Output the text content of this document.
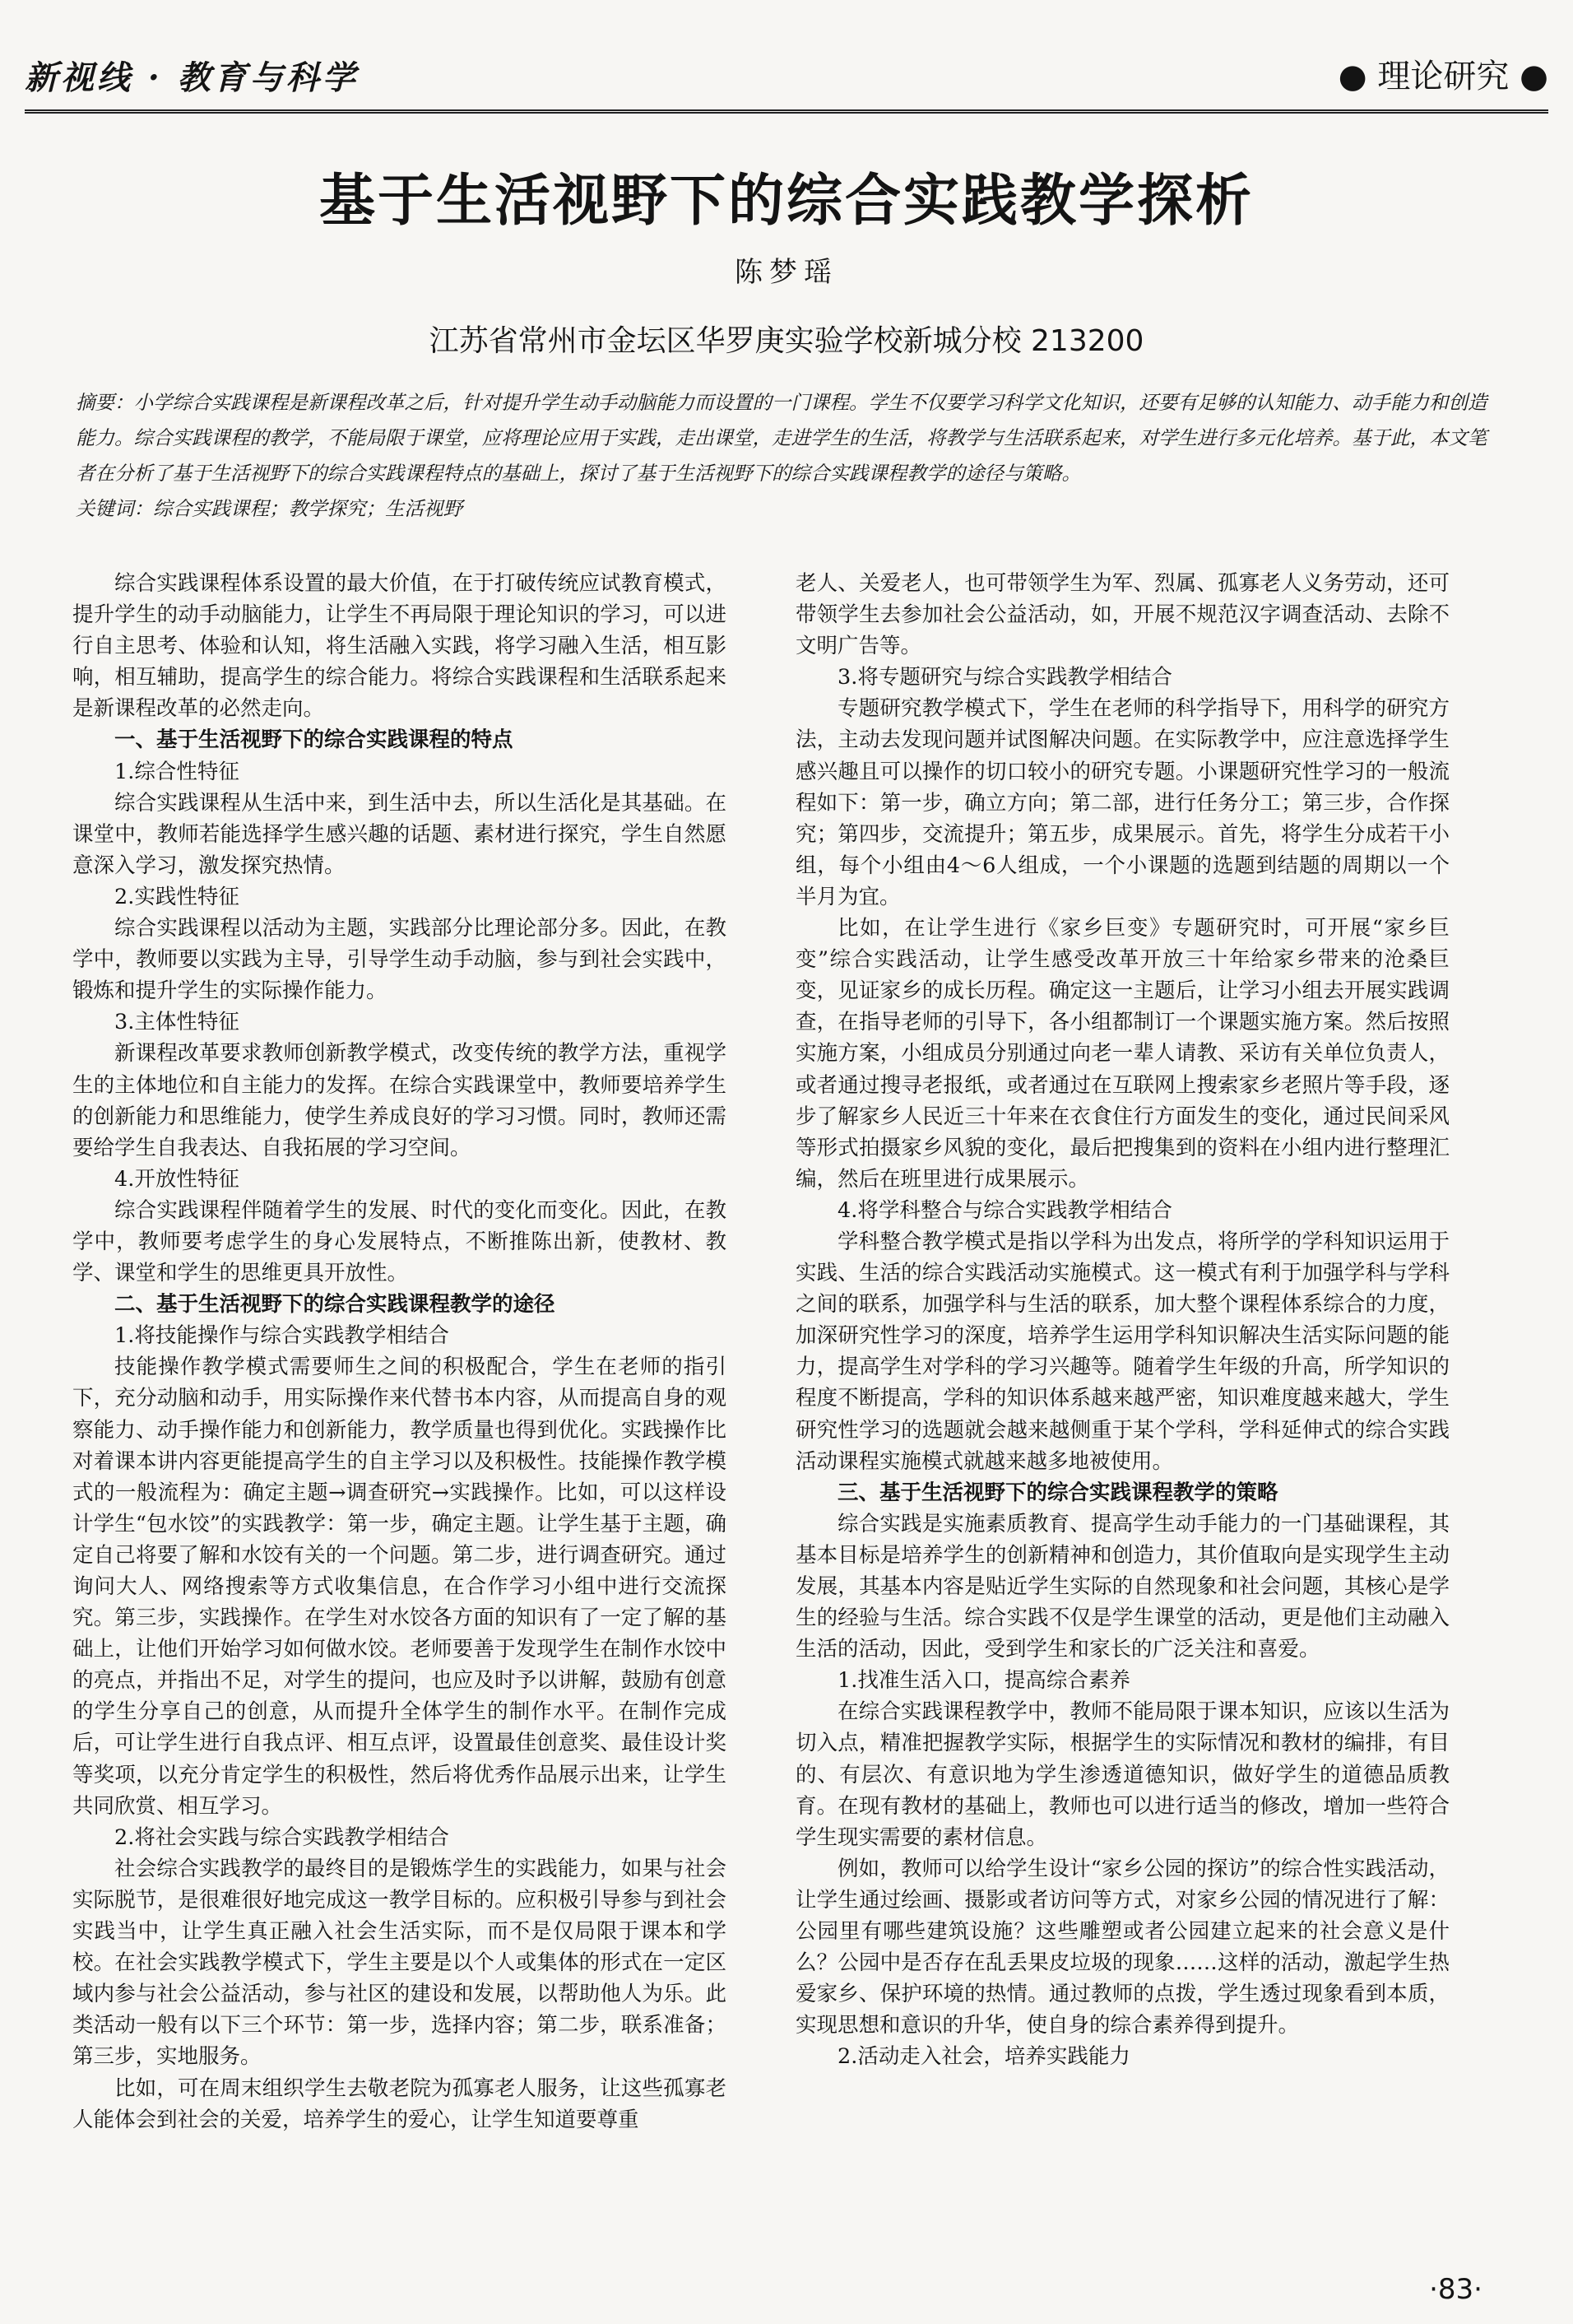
新视线 · 教育与科学	● 理论研究 ●
基于生活视野下的综合实践教学探析
陈梦瑶
江苏省常州市金坛区华罗庚实验学校新城分校 213200

摘要：小学综合实践课程是新课程改革之后，针对提升学生动手动脑能力而设置的一门课程。学生不仅要学习科学文化知识，还要有足够的认知能力、动手能力和创造能力。综合实践课程的教学，不能局限于课堂，应将理论应用于实践，走出课堂，走进学生的生活，将教学与生活联系起来，对学生进行多元化培养。基于此，本文笔者在分析了基于生活视野下的综合实践课程特点的基础上，探讨了基于生活视野下的综合实践课程教学的途径与策略。

关键词：综合实践课程；教学探究；生活视野

综合实践课程体系设置的最大价值，在于打破传统应试教育模式，提升学生的动手动脑能力，让学生不再局限于理论知识的学习，可以进行自主思考、体验和认知，将生活融入实践，将学习融入生活，相互影响，相互辅助，提高学生的综合能力。将综合实践课程和生活联系起来是新课程改革的必然走向。

一、基于生活视野下的综合实践课程的特点

1.综合性特征

综合实践课程从生活中来，到生活中去，所以生活化是其基础。在课堂中，教师若能选择学生感兴趣的话题、素材进行探究，学生自然愿意深入学习，激发探究热情。

2.实践性特征

综合实践课程以活动为主题，实践部分比理论部分多。因此，在教学中，教师要以实践为主导，引导学生动手动脑，参与到社会实践中，锻炼和提升学生的实际操作能力。

3.主体性特征

新课程改革要求教师创新教学模式，改变传统的教学方法，重视学生的主体地位和自主能力的发挥。在综合实践课堂中，教师要培养学生的创新能力和思维能力，使学生养成良好的学习习惯。同时，教师还需要给学生自我表达、自我拓展的学习空间。

4.开放性特征

综合实践课程伴随着学生的发展、时代的变化而变化。因此，在教学中，教师要考虑学生的身心发展特点，不断推陈出新，使教材、教学、课堂和学生的思维更具开放性。

二、基于生活视野下的综合实践课程教学的途径

1.将技能操作与综合实践教学相结合

技能操作教学模式需要师生之间的积极配合，学生在老师的指引下，充分动脑和动手，用实际操作来代替书本内容，从而提高自身的观察能力、动手操作能力和创新能力，教学质量也得到优化。实践操作比对着课本讲内容更能提高学生的自主学习以及积极性。技能操作教学模式的一般流程为：确定主题→调查研究→实践操作。比如，可以这样设计学生“包水饺”的实践教学：第一步，确定主题。让学生基于主题，确定自己将要了解和水饺有关的一个问题。第二步，进行调查研究。通过询问大人、网络搜索等方式收集信息，在合作学习小组中进行交流探究。第三步，实践操作。在学生对水饺各方面的知识有了一定了解的基础上，让他们开始学习如何做水饺。老师要善于发现学生在制作水饺中的亮点，并指出不足，对学生的提问，也应及时予以讲解，鼓励有创意的学生分享自己的创意，从而提升全体学生的制作水平。在制作完成后，可让学生进行自我点评、相互点评，设置最佳创意奖、最佳设计奖等奖项，以充分肯定学生的积极性，然后将优秀作品展示出来，让学生共同欣赏、相互学习。

2.将社会实践与综合实践教学相结合

社会综合实践教学的最终目的是锻炼学生的实践能力，如果与社会实际脱节，是很难很好地完成这一教学目标的。应积极引导参与到社会实践当中，让学生真正融入社会生活实际，而不是仅局限于课本和学校。在社会实践教学模式下，学生主要是以个人或集体的形式在一定区域内参与社会公益活动，参与社区的建设和发展，以帮助他人为乐。此类活动一般有以下三个环节：第一步，选择内容；第二步，联系准备；第三步，实地服务。

比如，可在周末组织学生去敬老院为孤寡老人服务，让这些孤寡老人能体会到社会的关爱，培养学生的爱心，让学生知道要尊重

老人、关爱老人，也可带领学生为军、烈属、孤寡老人义务劳动，还可带领学生去参加社会公益活动，如，开展不规范汉字调查活动、去除不文明广告等。

3.将专题研究与综合实践教学相结合

专题研究教学模式下，学生在老师的科学指导下，用科学的研究方法，主动去发现问题并试图解决问题。在实际教学中，应注意选择学生感兴趣且可以操作的切口较小的研究专题。小课题研究性学习的一般流程如下：第一步，确立方向；第二部，进行任务分工；第三步，合作探究；第四步，交流提升；第五步，成果展示。首先，将学生分成若干小组，每个小组由4～6人组成，一个小课题的选题到结题的周期以一个半月为宜。

比如，在让学生进行《家乡巨变》专题研究时，可开展“家乡巨变”综合实践活动，让学生感受改革开放三十年给家乡带来的沧桑巨变，见证家乡的成长历程。确定这一主题后，让学习小组去开展实践调查，在指导老师的引导下，各小组都制订一个课题实施方案。然后按照实施方案，小组成员分别通过向老一辈人请教、采访有关单位负责人，或者通过搜寻老报纸，或者通过在互联网上搜索家乡老照片等手段，逐步了解家乡人民近三十年来在衣食住行方面发生的变化，通过民间采风等形式拍摄家乡风貌的变化，最后把搜集到的资料在小组内进行整理汇编，然后在班里进行成果展示。

4.将学科整合与综合实践教学相结合

学科整合教学模式是指以学科为出发点，将所学的学科知识运用于实践、生活的综合实践活动实施模式。这一模式有利于加强学科与学科之间的联系，加强学科与生活的联系，加大整个课程体系综合的力度，加深研究性学习的深度，培养学生运用学科知识解决生活实际问题的能力，提高学生对学科的学习兴趣等。随着学生年级的升高，所学知识的程度不断提高，学科的知识体系越来越严密，知识难度越来越大，学生研究性学习的选题就会越来越侧重于某个学科，学科延伸式的综合实践活动课程实施模式就越来越多地被使用。

三、基于生活视野下的综合实践课程教学的策略

综合实践是实施素质教育、提高学生动手能力的一门基础课程，其基本目标是培养学生的创新精神和创造力，其价值取向是实现学生主动发展，其基本内容是贴近学生实际的自然现象和社会问题，其核心是学生的经验与生活。综合实践不仅是学生课堂的活动，更是他们主动融入生活的活动，因此，受到学生和家长的广泛关注和喜爱。

1.找准生活入口，提高综合素养

在综合实践课程教学中，教师不能局限于课本知识，应该以生活为切入点，精准把握教学实际，根据学生的实际情况和教材的编排，有目的、有层次、有意识地为学生渗透道德知识，做好学生的道德品质教育。在现有教材的基础上，教师也可以进行适当的修改，增加一些符合学生现实需要的素材信息。

例如，教师可以给学生设计“家乡公园的探访”的综合性实践活动，让学生通过绘画、摄影或者访问等方式，对家乡公园的情况进行了解：公园里有哪些建筑设施？这些雕塑或者公园建立起来的社会意义是什么？公园中是否存在乱丢果皮垃圾的现象……这样的活动，激起学生热爱家乡、保护环境的热情。通过教师的点拨，学生透过现象看到本质，实现思想和意识的升华，使自身的综合素养得到提升。

2.活动走入社会，培养实践能力

·83·
